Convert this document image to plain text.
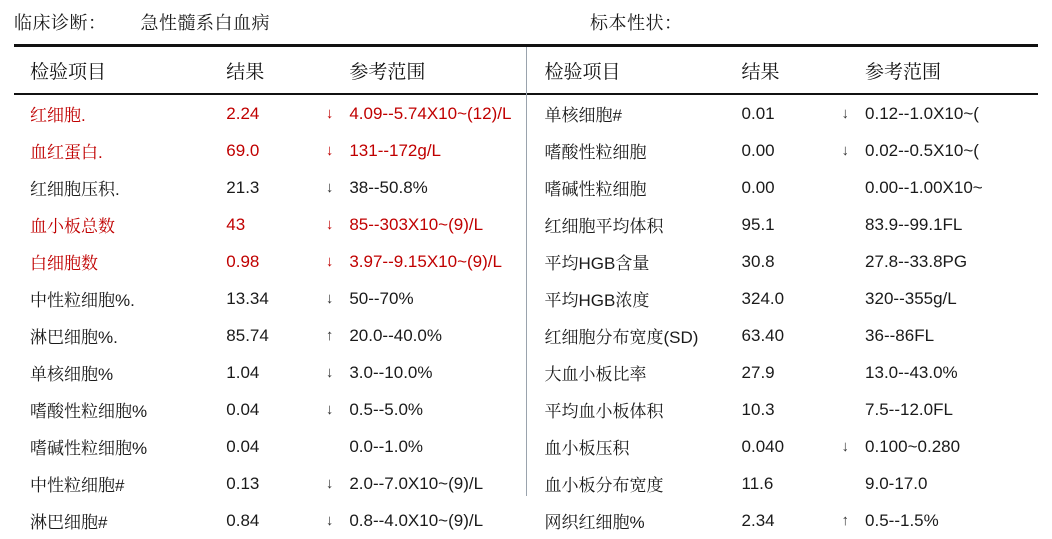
临床诊断： 急性髓系白血病	标本性状：
检验项目	结果		参考范围
红细胞.	2.24	↓	4.09--5.74X10~(12)/L
血红蛋白.	69.0	↓	131--172g/L
红细胞压积.	21.3	↓	38--50.8%
血小板总数	43	↓	85--303X10~(9)/L
白细胞数	0.98	↓	3.97--9.15X10~(9)/L
中性粒细胞%.	13.34	↓	50--70%
淋巴细胞%.	85.74	↑	20.0--40.0%
单核细胞%	1.04	↓	3.0--10.0%
嗜酸性粒细胞%	0.04	↓	0.5--5.0%
嗜碱性粒细胞%	0.04		0.0--1.0%
中性粒细胞#	0.13	↓	2.0--7.0X10~(9)/L
淋巴细胞#	0.84	↓	0.8--4.0X10~(9)/L
检验项目	结果		参考范围
单核细胞#	0.01	↓	0.12--1.0X10~(
嗜酸性粒细胞	0.00	↓	0.02--0.5X10~(
嗜碱性粒细胞	0.00		0.00--1.00X10~
红细胞平均体积	95.1		83.9--99.1FL
平均HGB含量	30.8		27.8--33.8PG
平均HGB浓度	324.0		320--355g/L
红细胞分布宽度(SD)	63.40		36--86FL
大血小板比率	27.9		13.0--43.0%
平均血小板体积	10.3		7.5--12.0FL
血小板压积	0.040	↓	0.100~0.280
血小板分布宽度	11.6		9.0-17.0
网织红细胞%	2.34	↑	0.5--1.5%
